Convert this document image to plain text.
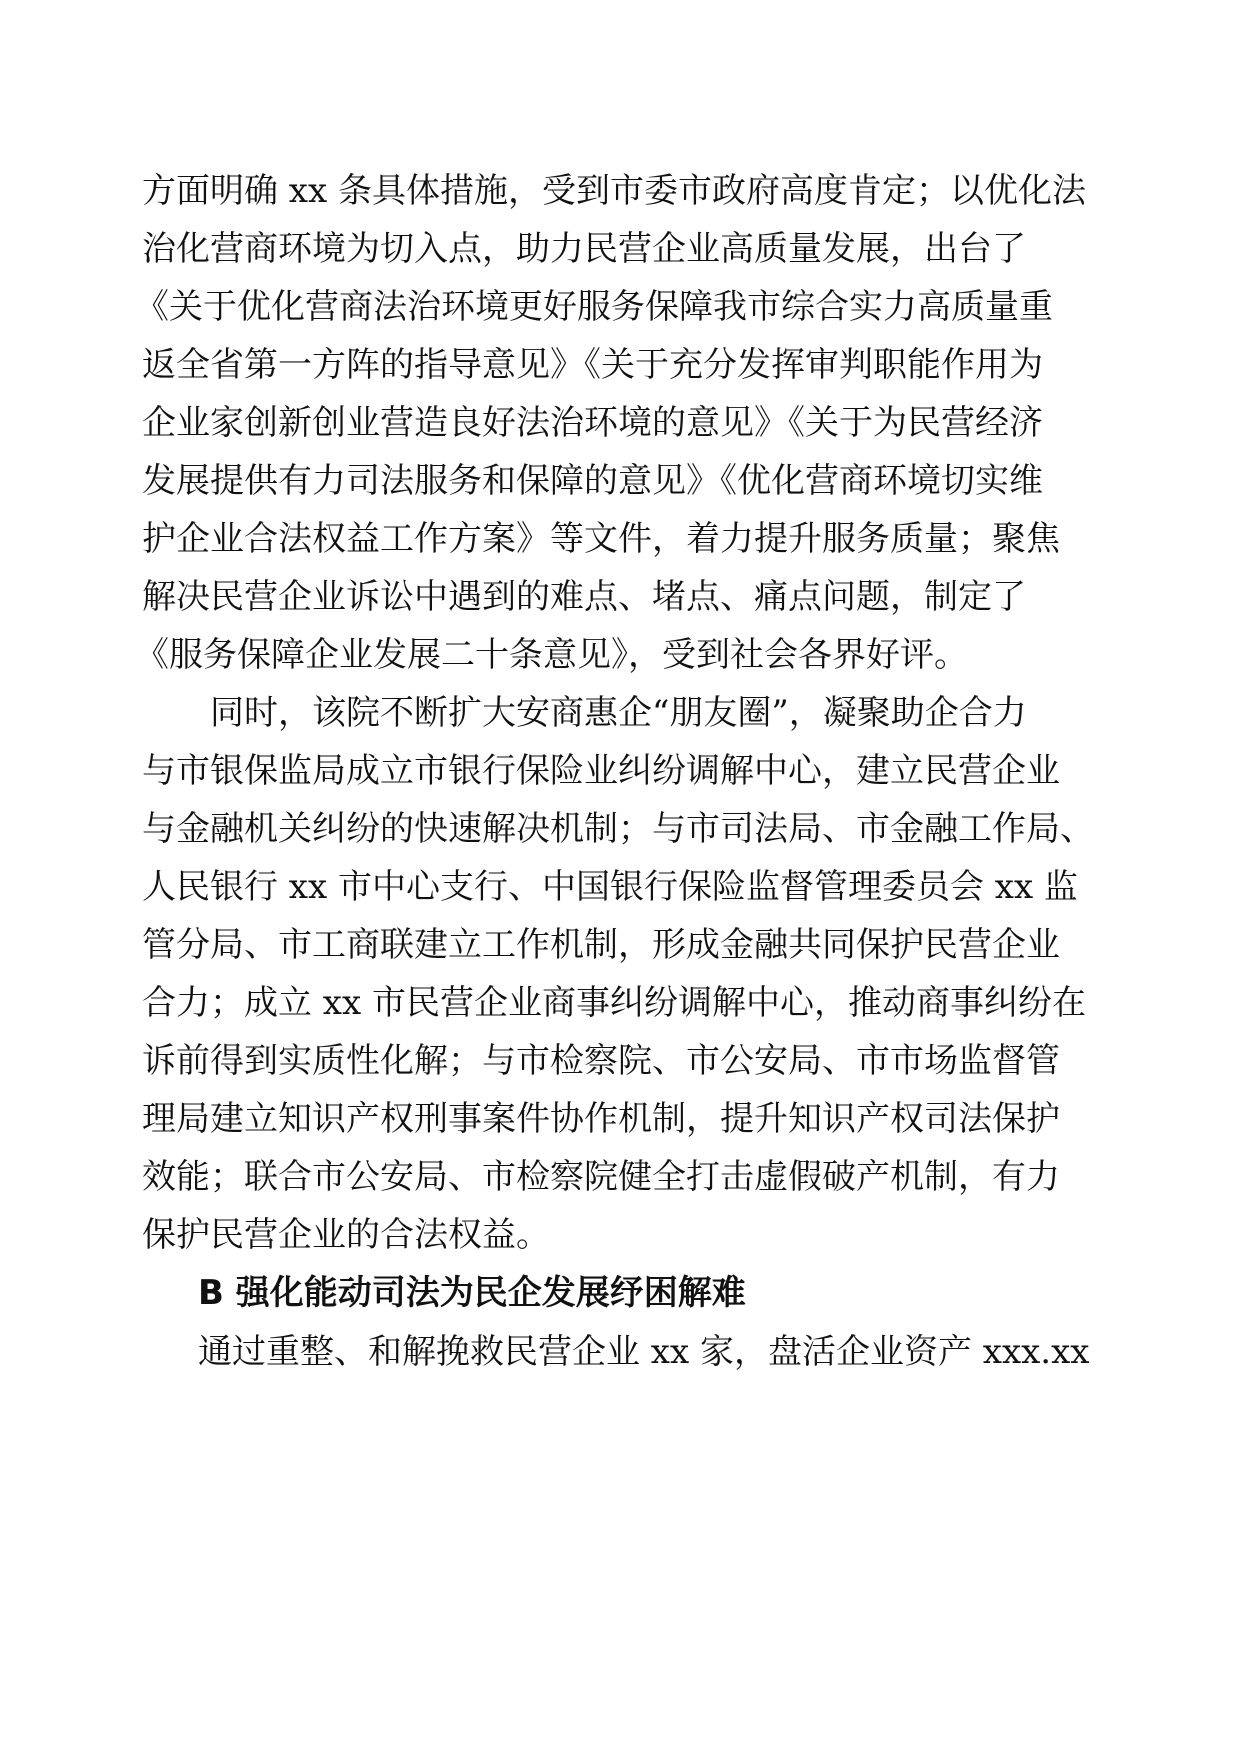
方面明确 xx 条具体措施，受到市委市政府高度肯定；以优化法
治化营商环境为切入点，助力民营企业高质量发展，出台了
《关于优化营商法治环境更好服务保障我市综合实力高质量重
返全省第一方阵的指导意见》《关于充分发挥审判职能作用为
企业家创新创业营造良好法治环境的意见》《关于为民营经济
发展提供有力司法服务和保障的意见》《优化营商环境切实维
护企业合法权益工作方案》等文件，着力提升服务质量；聚焦
解决民营企业诉讼中遇到的难点、堵点、痛点问题，制定了
《服务保障企业发展二十条意见》，受到社会各界好评。
同时，该院不断扩大安商惠企“朋友圈”，凝聚助企合力
与市银保监局成立市银行保险业纠纷调解中心，建立民营企业
与金融机关纠纷的快速解决机制；与市司法局、市金融工作局、
人民银行 xx 市中心支行、中国银行保险监督管理委员会 xx 监
管分局、市工商联建立工作机制，形成金融共同保护民营企业
合力；成立 xx 市民营企业商事纠纷调解中心，推动商事纠纷在
诉前得到实质性化解；与市检察院、市公安局、市市场监督管
理局建立知识产权刑事案件协作机制，提升知识产权司法保护
效能；联合市公安局、市检察院健全打击虚假破产机制，有力
保护民营企业的合法权益。
B 强化能动司法为民企发展纾困解难
通过重整、和解挽救民营企业 xx 家，盘活企业资产 xxx.xx
